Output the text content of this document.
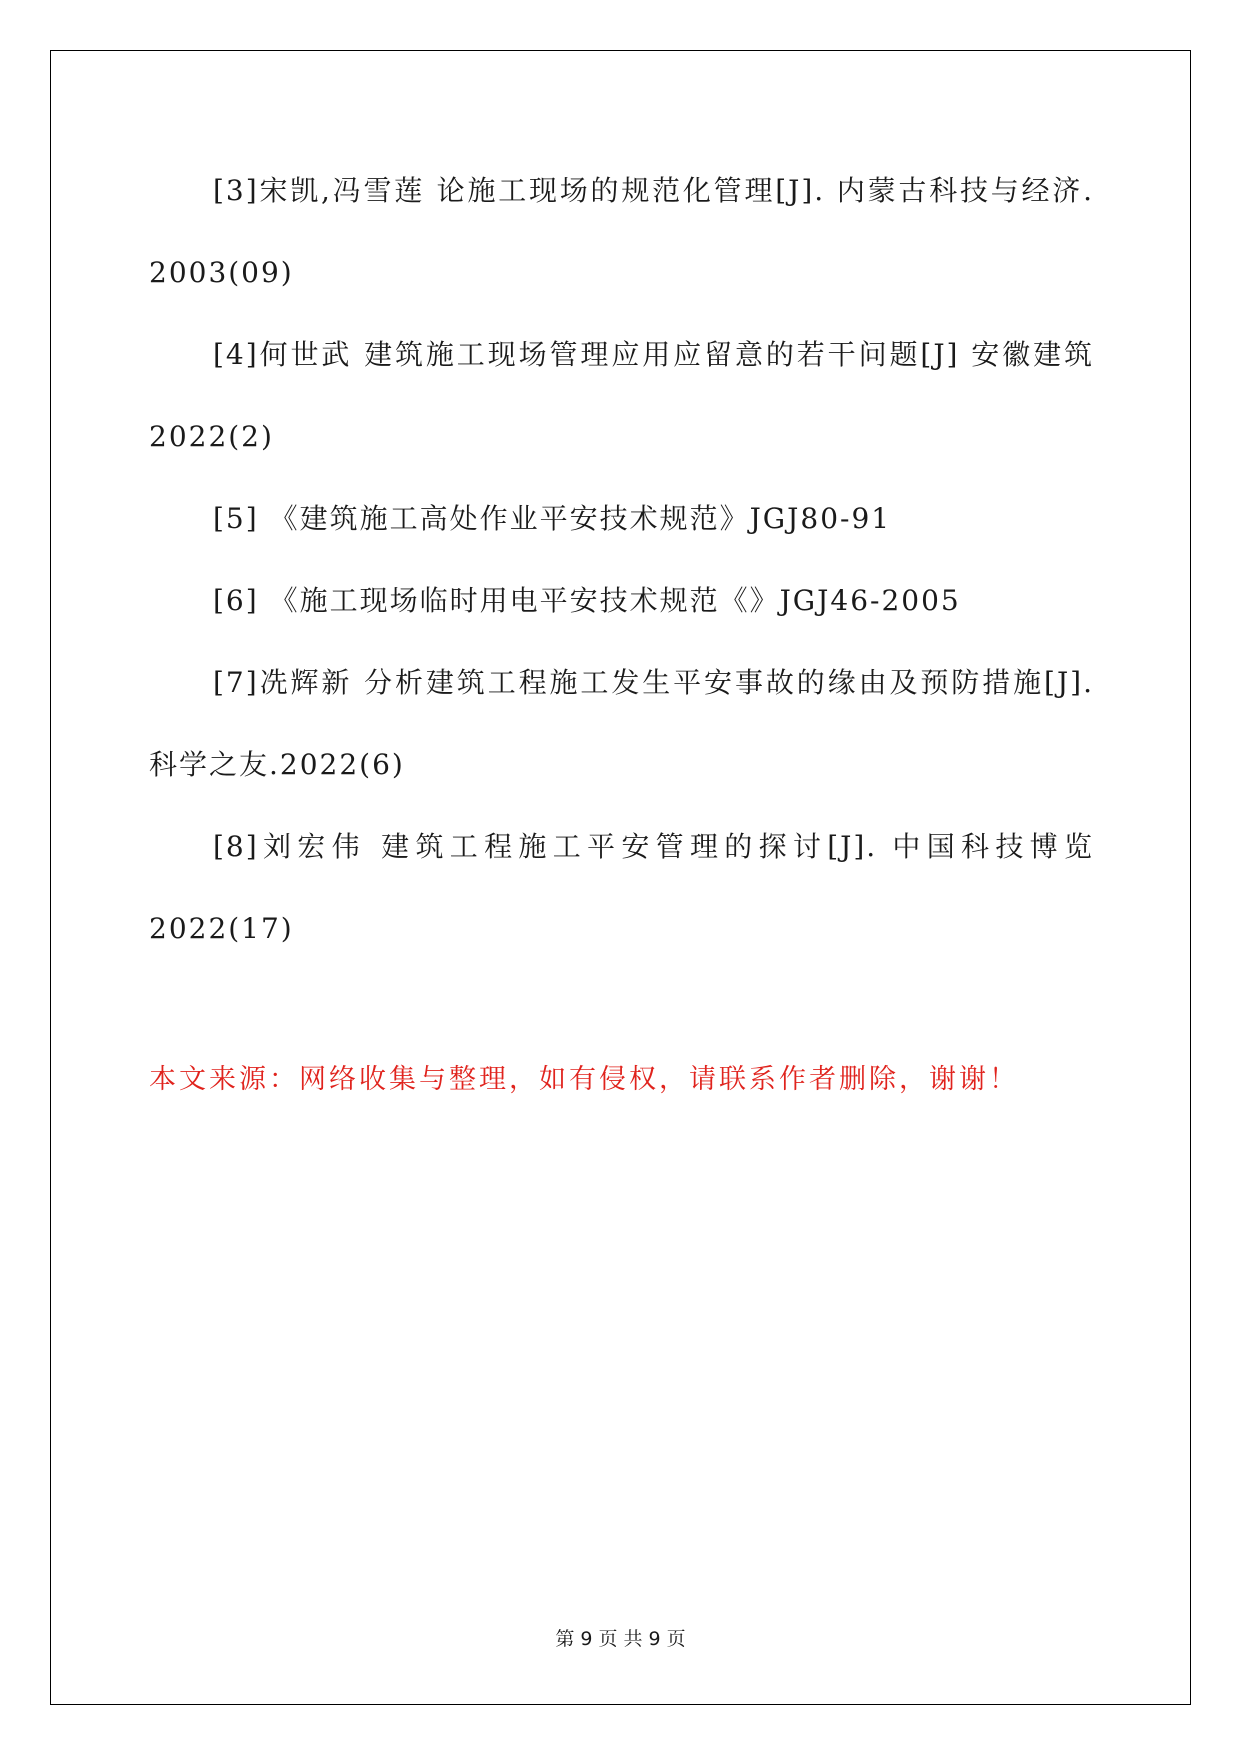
[3]宋凯,冯雪莲 论施工现场的规范化管理[J]. 内蒙古科技与经济. 2003(09)

[4]何世武 建筑施工现场管理应用应留意的若干问题[J] 安徽建筑 2022(2)

[5] 《建筑施工高处作业平安技术规范》JGJ80-91

[6] 《施工现场临时用电平安技术规范《》JGJ46-2005

[7]冼辉新 分析建筑工程施工发生平安事故的缘由及预防措施[J]. 科学之友.2022(6)

[8]刘宏伟 建筑工程施工平安管理的探讨[J]. 中国科技博览2022(17)

本文来源：网络收集与整理，如有侵权，请联系作者删除，谢谢！
第 9 页 共 9 页
